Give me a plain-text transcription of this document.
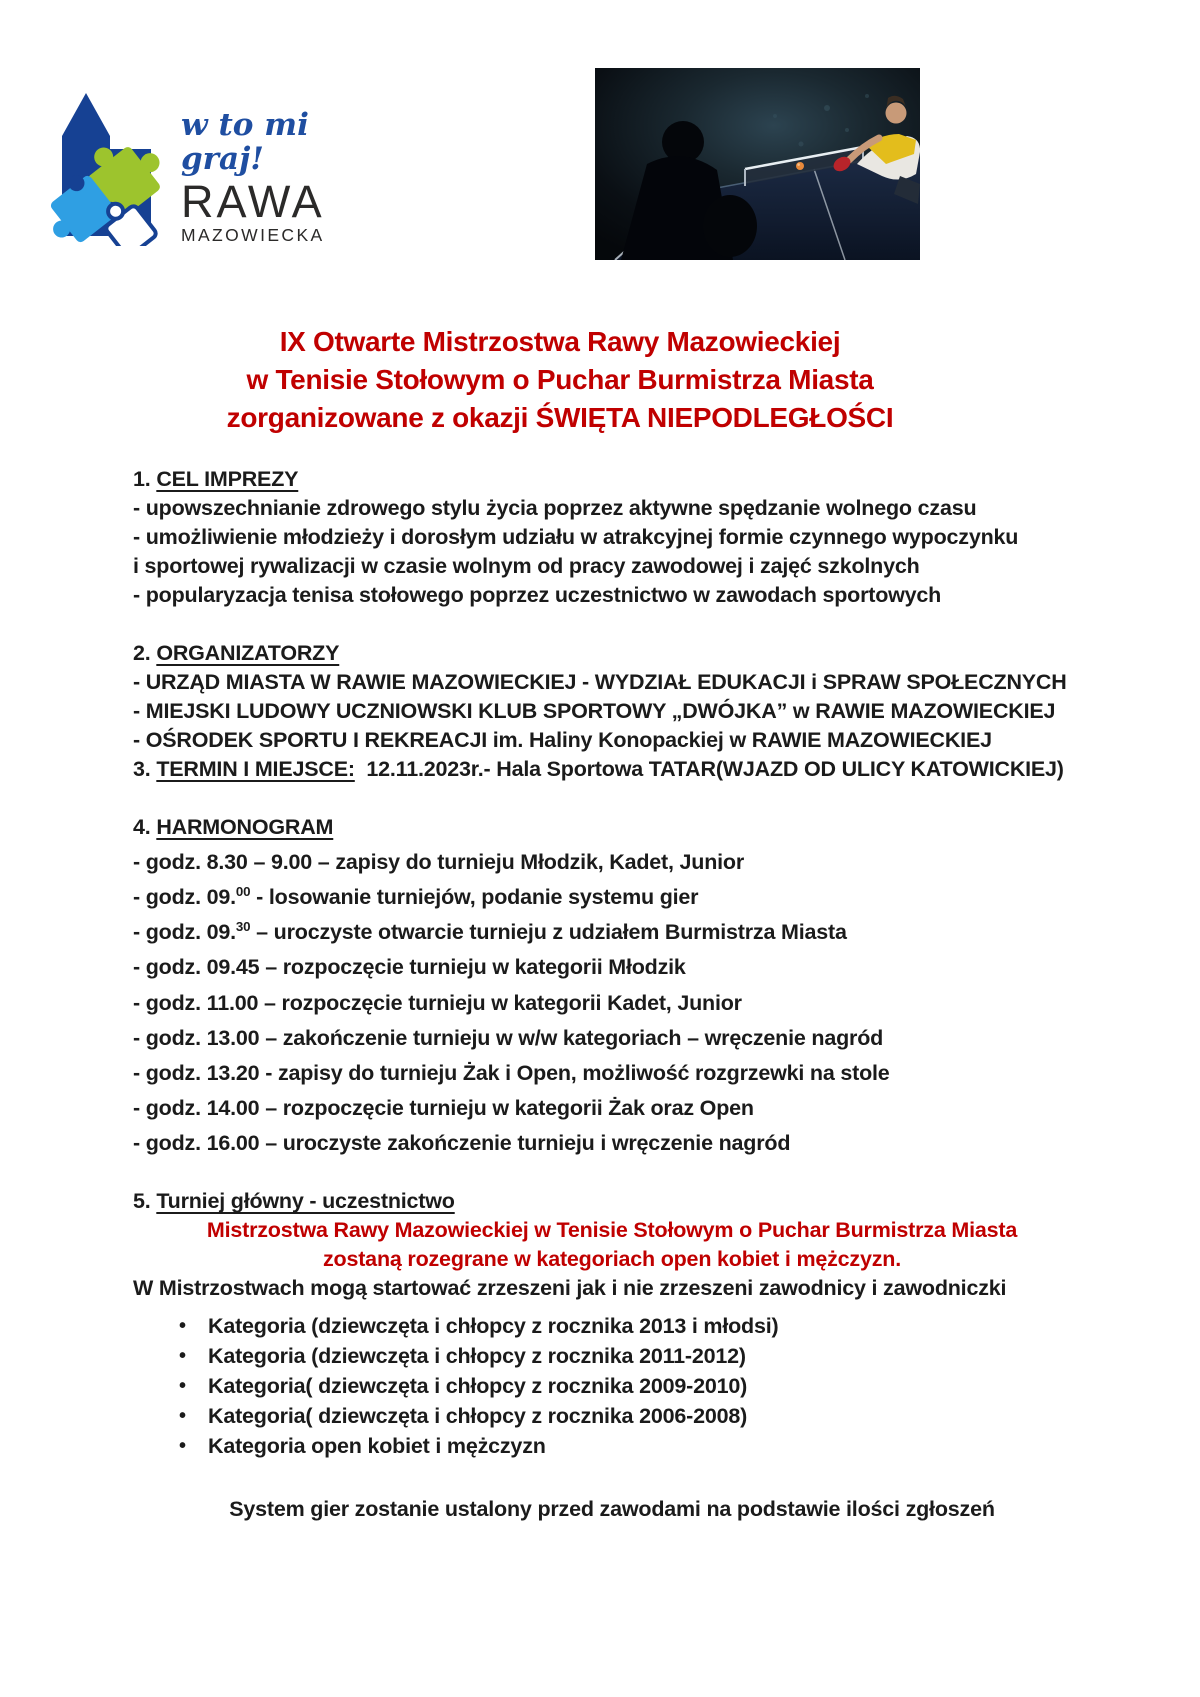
w to mi graj!
RAWA
MAZOWIECKA
IX Otwarte Mistrzostwa Rawy Mazowieckiej
w Tenisie Stołowym o Puchar Burmistrza Miasta
zorganizowane z okazji ŚWIĘTA NIEPODLEGŁOŚCI
1. CEL IMPREZY
- upowszechnianie zdrowego stylu życia poprzez aktywne spędzanie wolnego czasu
- umożliwienie młodzieży i dorosłym udziału w atrakcyjnej formie czynnego wypoczynku
i sportowej rywalizacji w czasie wolnym od pracy zawodowej i zajęć szkolnych
- popularyzacja tenisa stołowego poprzez uczestnictwo w zawodach sportowych
2. ORGANIZATORZY
- URZĄD MIASTA W RAWIE MAZOWIECKIEJ - WYDZIAŁ EDUKACJI i SPRAW SPOŁECZNYCH
- MIEJSKI LUDOWY UCZNIOWSKI KLUB SPORTOWY „DWÓJKA” w RAWIE MAZOWIECKIEJ
- OŚRODEK SPORTU I REKREACJI im. Haliny Konopackiej w RAWIE MAZOWIECKIEJ
3. TERMIN I MIEJSCE: 12.11.2023r.- Hala Sportowa TATAR(WJAZD OD ULICY KATOWICKIEJ)
4. HARMONOGRAM
- godz. 8.30 – 9.00 – zapisy do turnieju Młodzik, Kadet, Junior
- godz. 09.00 - losowanie turniejów, podanie systemu gier
- godz. 09.30 – uroczyste otwarcie turnieju z udziałem Burmistrza Miasta
- godz. 09.45 – rozpoczęcie turnieju w kategorii Młodzik
- godz. 11.00 – rozpoczęcie turnieju w kategorii Kadet, Junior
- godz. 13.00 – zakończenie turnieju w w/w kategoriach – wręczenie nagród
- godz. 13.20 - zapisy do turnieju Żak i Open, możliwość rozgrzewki na stole
- godz. 14.00 – rozpoczęcie turnieju w kategorii Żak oraz Open
- godz. 16.00 – uroczyste zakończenie turnieju i wręczenie nagród
5. Turniej główny - uczestnictwo
Mistrzostwa Rawy Mazowieckiej w Tenisie Stołowym o Puchar Burmistrza Miasta
zostaną rozegrane w kategoriach open kobiet i mężczyzn.
W Mistrzostwach mogą startować zrzeszeni jak i nie zrzeszeni zawodnicy i zawodniczki
•	Kategoria (dziewczęta i chłopcy z rocznika 2013 i młodsi)
•	Kategoria (dziewczęta i chłopcy z rocznika 2011-2012)
•	Kategoria( dziewczęta i chłopcy z rocznika 2009-2010)
•	Kategoria( dziewczęta i chłopcy z rocznika 2006-2008)
•	Kategoria open kobiet i mężczyzn
System gier zostanie ustalony przed zawodami na podstawie ilości zgłoszeń
